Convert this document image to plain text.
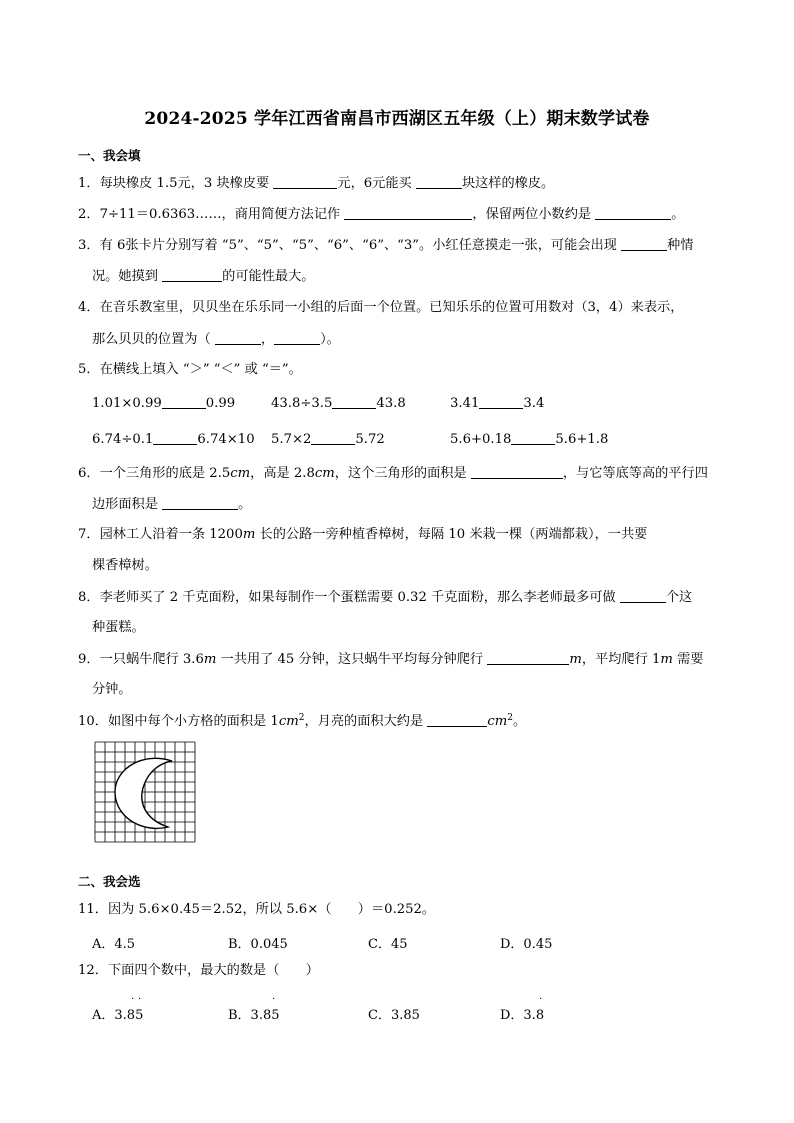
2024-2025 学年江西省南昌市西湖区五年级（上）期末数学试卷
一、我会填
1．每块橡皮 1.5元，3 块橡皮要	元，6元能买	块这样的橡皮。
2．7÷11＝0.6363……，商用简便方法记作	，保留两位小数约是	。
3．有 6张卡片分别写着 “5”、“5”、“5”、“6”、“6”、“3”。小红任意摸走一张，可能会出现	种情
况。她摸到	的可能性最大。
4．在音乐教室里，贝贝坐在乐乐同一小组的后面一个位置。已知乐乐的位置可用数对（3，4）来表示，
那么贝贝的位置为（	，	）。
5．在横线上填入 “＞” “＜” 或 “＝”。
1.01×0.99	0.99	43.8÷3.5	43.8	3.41	3.4
6.74÷0.1	6.74×10 5.7×2	5.72	5.6+0.18	5.6+1.8
6．一个三角形的底是 2.5cm，高是 2.8cm，这个三角形的面积是	，与它等底等高的平行四
边形面积是	。
7．园林工人沿着一条 1200m 长的公路一旁种植香樟树，每隔 10 米栽一棵（两端都栽），一共要
棵香樟树。
8．李老师买了 2 千克面粉，如果每制作一个蛋糕需要 0.32 千克面粉，那么李老师最多可做	个这
种蛋糕。
9．一只蜗牛爬行 3.6m 一共用了 45 分钟，这只蜗牛平均每分钟爬行	m，平均爬行 1m 需要
分钟。
10．如图中每个小方格的面积是 $1cm^2$，月亮的面积大约是	$cm^2$。
二、我会选
11．因为 5.6×0.45＝2.52，所以 5.6×（　　）＝0.252。
A．4.5	B．0.045	C．45	D．0.45
12．下面四个数中，最大的数是（　　）
A．3.85	B．3.85	C．3.85	D．3.8
· ·	·	·
